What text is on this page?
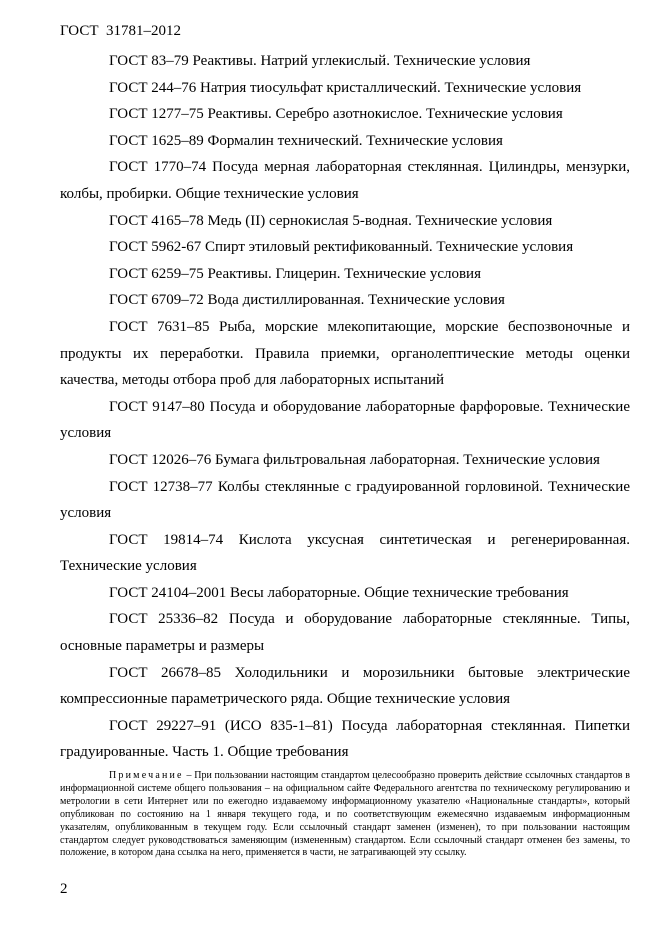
ГОСТ  31781–2012

ГОСТ 83–79 Реактивы. Натрий углекислый. Технические условия

ГОСТ 244–76 Натрия тиосульфат кристаллический. Технические условия

ГОСТ 1277–75 Реактивы. Серебро азотнокислое. Технические условия

ГОСТ 1625–89 Формалин технический. Технические условия

ГОСТ 1770–74 Посуда мерная лабораторная стеклянная. Цилиндры, мензурки, колбы, пробирки. Общие технические условия

ГОСТ 4165–78 Медь (II) сернокислая 5-водная. Технические условия

ГОСТ 5962-67 Спирт этиловый ректификованный. Технические условия

ГОСТ 6259–75 Реактивы. Глицерин. Технические условия

ГОСТ 6709–72 Вода дистиллированная. Технические условия

ГОСТ 7631–85 Рыба, морские млекопитающие, морские беспозвоночные и продукты их переработки. Правила приемки, органолептические методы оценки качества, методы отбора проб для лабораторных испытаний

ГОСТ 9147–80 Посуда и оборудование лабораторные фарфоровые. Технические условия

ГОСТ 12026–76 Бумага фильтровальная лабораторная. Технические условия

ГОСТ 12738–77 Колбы стеклянные с градуированной горловиной. Технические условия

ГОСТ 19814–74 Кислота уксусная синтетическая и регенерированная. Технические условия

ГОСТ 24104–2001 Весы лабораторные. Общие технические требования

ГОСТ 25336–82 Посуда и оборудование лабораторные стеклянные. Типы, основные параметры и размеры

ГОСТ 26678–85 Холодильники и морозильники бытовые электрические компрессионные параметрического ряда. Общие технические условия

ГОСТ 29227–91 (ИСО 835-1–81) Посуда лабораторная стеклянная. Пипетки градуированные. Часть 1. Общие требования

Примечание – При пользовании настоящим стандартом целесообразно проверить действие ссылочных стандартов в информационной системе общего пользования – на официальном сайте Федерального агентства по техническому регулированию и метрологии в сети Интернет или по ежегодно издаваемому информационному указателю «Национальные стандарты», который опубликован по состоянию на 1 января текущего года, и по соответствующим ежемесячно издаваемым информационным указателям, опубликованным в текущем году. Если ссылочный стандарт заменен (изменен), то при пользовании настоящим стандартом следует руководствоваться заменяющим (измененным) стандартом. Если ссылочный стандарт отменен без замены, то положение, в котором дана ссылка на него, применяется в части, не затрагивающей эту ссылку.

2
